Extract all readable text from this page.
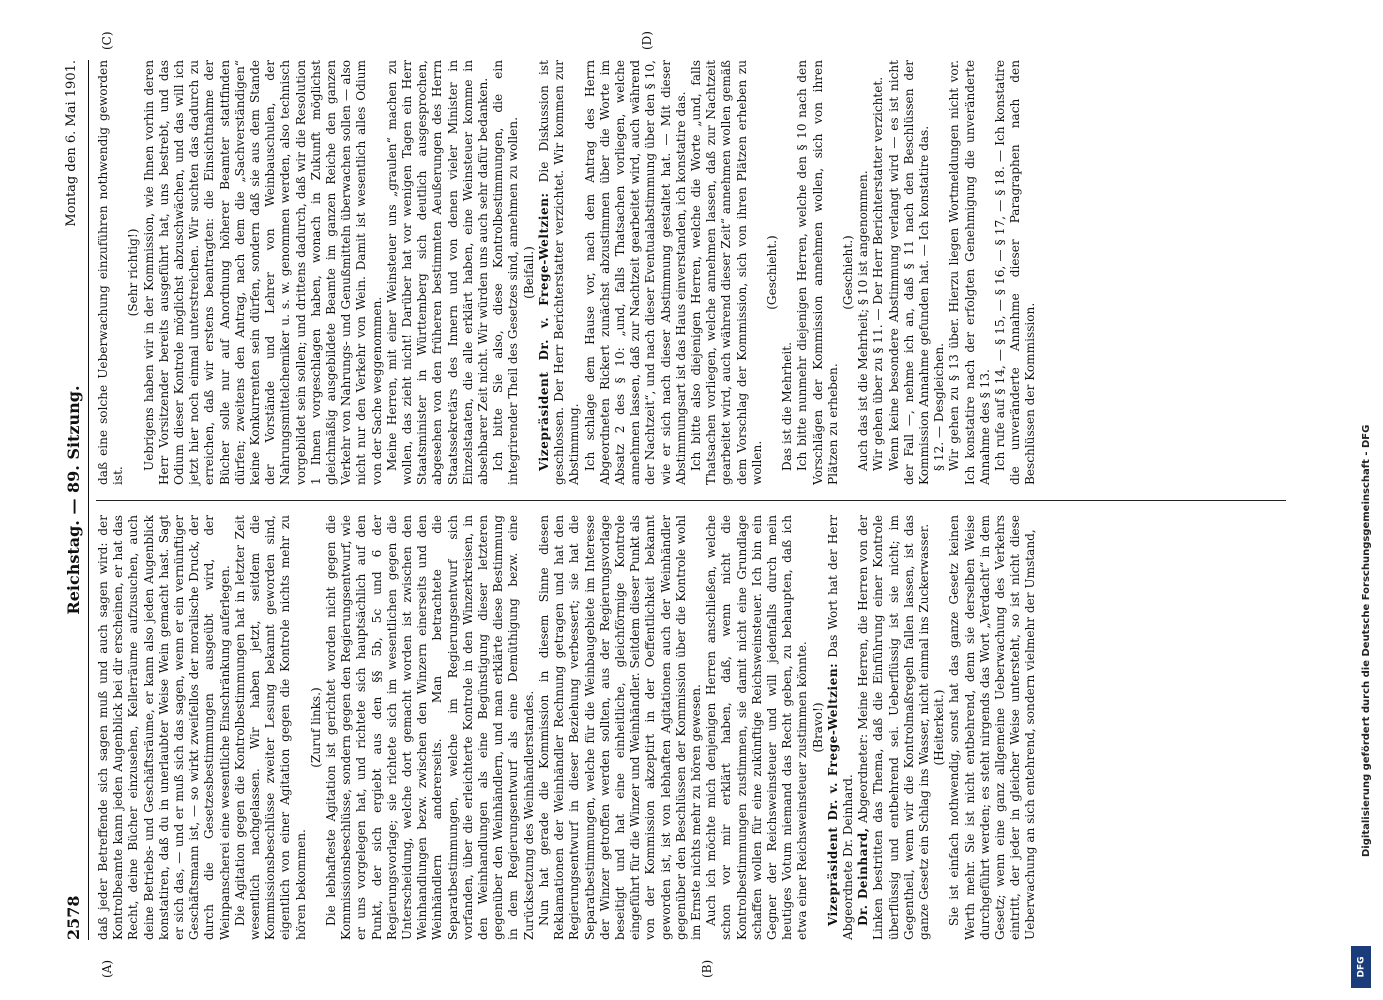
2578
Reichstag. — 89. Sitzung.
Montag den 6. Mai 1901.
(A)	(B)
(C)	(D)

daß jeder Betreffende sich sagen muß und auch sagen wird: der Kontrolbeamte kann jeden Augenblick bei dir erscheinen, er hat das Recht, deine Bücher einzusehen, Kellerräume aufzusuchen, auch deine Betriebs‑ und Geschäftsräume, er kann also jeden Augenblick konstatiren, daß du in unerlaubter Weise Wein gemacht hast. Sagt er sich das, — und er muß sich das sagen, wenn er ein vernünftiger Geschäftsmann ist, — so wirkt zweifellos der moralische Druck, der durch die Gesetzesbestimmungen ausgeübt wird, der Weinpanscherei eine wesentliche Einschränkung auferlegen. Die Agitation gegen die Kontrolbestimmungen hat in letzter Zeit wesentlich nachgelassen. Wir haben jetzt, seitdem die Kommissionsbeschlüsse zweiter Lesung bekannt geworden sind, eigentlich von einer Agitation gegen die Kontrole nichts mehr zu hören bekommen.

(Zuruf links.) Die lebhafteste Agitation ist gerichtet worden nicht gegen die Kommissionsbeschlüsse, sondern gegen den Regierungsentwurf, wie er uns vorgelegen hat, und richtete sich hauptsächlich auf den Punkt, der sich ergiebt aus den §§ 5b, 5c und 6 der Regierungsvorlage; sie richtete sich im wesentlichen gegen die Unterscheidung, welche dort gemacht worden ist zwischen den Weinhandlungen bezw. zwischen den Winzern einerseits und den Weinhändlern andererseits. Man betrachtete die Separatbestimmungen, welche im Regierungsentwurf sich vorfanden, über die erleichterte Kontrole in den Winzerkreisen, in den Weinhandlungen als eine Begünstigung dieser letzteren gegenüber den Weinhändlern, und man erklärte diese Bestimmung in dem Regierungsentwurf als eine Demüthigung bezw. eine Zurücksetzung des Weinhändlerstandes. Nun hat gerade die Kommission in diesem Sinne diesen Reklamationen der Weinhändler Rechnung getragen und hat den Regierungsentwurf in dieser Beziehung verbessert; sie hat die Separatbestimmungen, welche für die Weinbaugebiete im Interesse der Winzer getroffen werden sollten, aus der Regierungsvorlage beseitigt und hat eine einheitliche, gleichförmige Kontrole eingeführt für die Winzer und Weinhändler. Seitdem dieser Punkt als von der Kommission akzeptirt in der Oeffentlichkeit bekannt geworden ist, ist von lebhaften Agitationen auch der Weinhändler gegenüber den Beschlüssen der Kommission über die Kontrole wohl im Ernste nichts mehr zu hören gewesen. Auch ich möchte mich denjenigen Herren anschließen, welche schon vor mir erklärt haben, daß, wenn nicht die Kontrolbestimmungen zustimmen, sie damit nicht eine Grundlage schaffen wollen für eine zukünftige Reichsweinsteuer. Ich bin ein Gegner der Reichsweinsteuer und will jedenfalls durch mein heutiges Votum niemand das Recht geben, zu behaupten, daß ich etwa einer Reichsweinsteuer zustimmen könnte. (Bravo!) Vizepräsident Dr. v. Frege-Weltzien: Das Wort hat der Herr Abgeordnete Dr. Deinhard. Dr. Deinhard, Abgeordneter: Meine Herren, die Herren von der Linken bestritten das Thema, daß die Einführung einer Kontrole überflüssig und entbehrend sei. Ueberflüssig ist sie nicht; im Gegentheil, wenn wir die Kontrolmaßregeln fallen lassen, ist das ganze Gesetz ein Schlag ins Wasser, nicht einmal ins Zuckerwasser. (Heiterkeit.) Sie ist einfach nothwendig, sonst hat das ganze Gesetz keinen Werth mehr. Sie ist nicht entbehrend, denn sie derselben Weise durchgeführt werden; es steht nirgends das Wort „Verdacht“ in dem Gesetz; wenn eine ganz allgemeine Ueberwachung des Verkehrs eintritt, der jeder in gleicher Weise untersteht, so ist nicht diese Ueberwachung an sich entehrend, sondern vielmehr der Umstand,

daß eine solche Ueberwachung einzuführen nothwendig geworden ist.

(Sehr richtig!) Uebrigens haben wir in der Kommission, wie Ihnen vorhin deren Herr Vorsitzender bereits ausgeführt hat, uns bestrebt, und das Odium dieser Kontrole möglichst abzuschwächen, und das will ich jetzt hier noch einmal unterstreichen. Wir suchten das dadurch zu erreichen, daß wir erstens beantragten: die Einsichtnahme der Bücher solle nur auf Anordnung höherer Beamter stattfinden dürfen; zweitens den Antrag, nach dem die „Sachverständigen“ keine Konkurrenten sein dürfen, sondern daß sie aus dem Stande der Vorstände und Lehrer von Weinbauschulen, der Nahrungsmittelchemiker u. s. w. genommen werden, also technisch vorgebildet sein sollen; und drittens dadurch, daß wir die Resolution 1 Ihnen vorgeschlagen haben, wonach in Zukunft möglichst gleichmäßig ausgebildete Beamte im ganzen Reiche den ganzen Verkehr von Nahrungs‑ und Genußmitteln überwachen sollen — also nicht nur den Verkehr von Wein. Damit ist wesentlich alles Odium von der Sache weggenommen. Meine Herren, mit einer Weinsteuer uns „graulen“ machen zu wollen, das zieht nicht! Darüber hat vor wenigen Tagen ein Herr Staatsminister in Württemberg sich deutlich ausgesprochen, abgesehen von den früheren bestimmten Aeußerungen des Herrn Staatssekretärs des Innern und von denen vieler Minister in Einzelstaaten, die alle erklärt haben, eine Weinsteuer komme in absehbarer Zeit nicht. Wir würden uns auch sehr dafür bedanken. Ich bitte Sie also, diese Kontrolbestimmungen, die ein integrirender Theil des Gesetzes sind, annehmen zu wollen. (Beifall.) Vizepräsident Dr. v. Frege-Weltzien: Die Diskussion ist geschlossen. Der Herr Berichterstatter verzichtet. Wir kommen zur Abstimmung. Ich schlage dem Hause vor, nach dem Antrag des Herrn Abgeordneten Rickert zunächst abzustimmen über die Worte im Absatz 2 des § 10: „und, falls Thatsachen vorliegen, welche annehmen lassen, daß zur Nachtzeit gearbeitet wird, auch während der Nachtzeit“, und nach dieser Eventualabstimmung über den § 10, wie er sich nach dieser Abstimmung gestaltet hat. — Mit dieser Abstimmungsart ist das Haus einverstanden, ich konstatire das. Ich bitte also diejenigen Herren, welche die Worte „und, falls Thatsachen vorliegen, welche annehmen lassen, daß zur Nachtzeit gearbeitet wird, auch während dieser Zeit“ annehmen wollen gemäß dem Vorschlag der Kommission, sich von ihren Plätzen erheben zu wollen.

(Geschieht.)

Das ist die Mehrheit. Ich bitte nunmehr diejenigen Herren, welche den § 10 nach den Vorschlägen der Kommission annehmen wollen, sich von ihren Plätzen zu erheben.

(Geschieht.) Auch das ist die Mehrheit; § 10 ist angenommen. Wir gehen über zu § 11. — Der Herr Berichterstatter verzichtet. Wenn keine besondere Abstimmung verlangt wird — es ist nicht der Fall —, nehme ich an, daß § 11 nach den Beschlüssen der Kommission Annahme gefunden hat. — Ich konstatire das. § 12. — Desgleichen. Wir gehen zu § 13 über. Hierzu liegen Wortmeldungen nicht vor. Ich konstatire nach der erfolgten Genehmigung die unveränderte Annahme des § 13. Ich rufe auf § 14, — § 15, — § 16, — § 17, — § 18. — Ich konstatire die unveränderte Annahme dieser Paragraphen nach den Beschlüssen der Kommission.

Digitalisierung gefördert durch die Deutsche Forschungsgemeinschaft - DFG
DFG
